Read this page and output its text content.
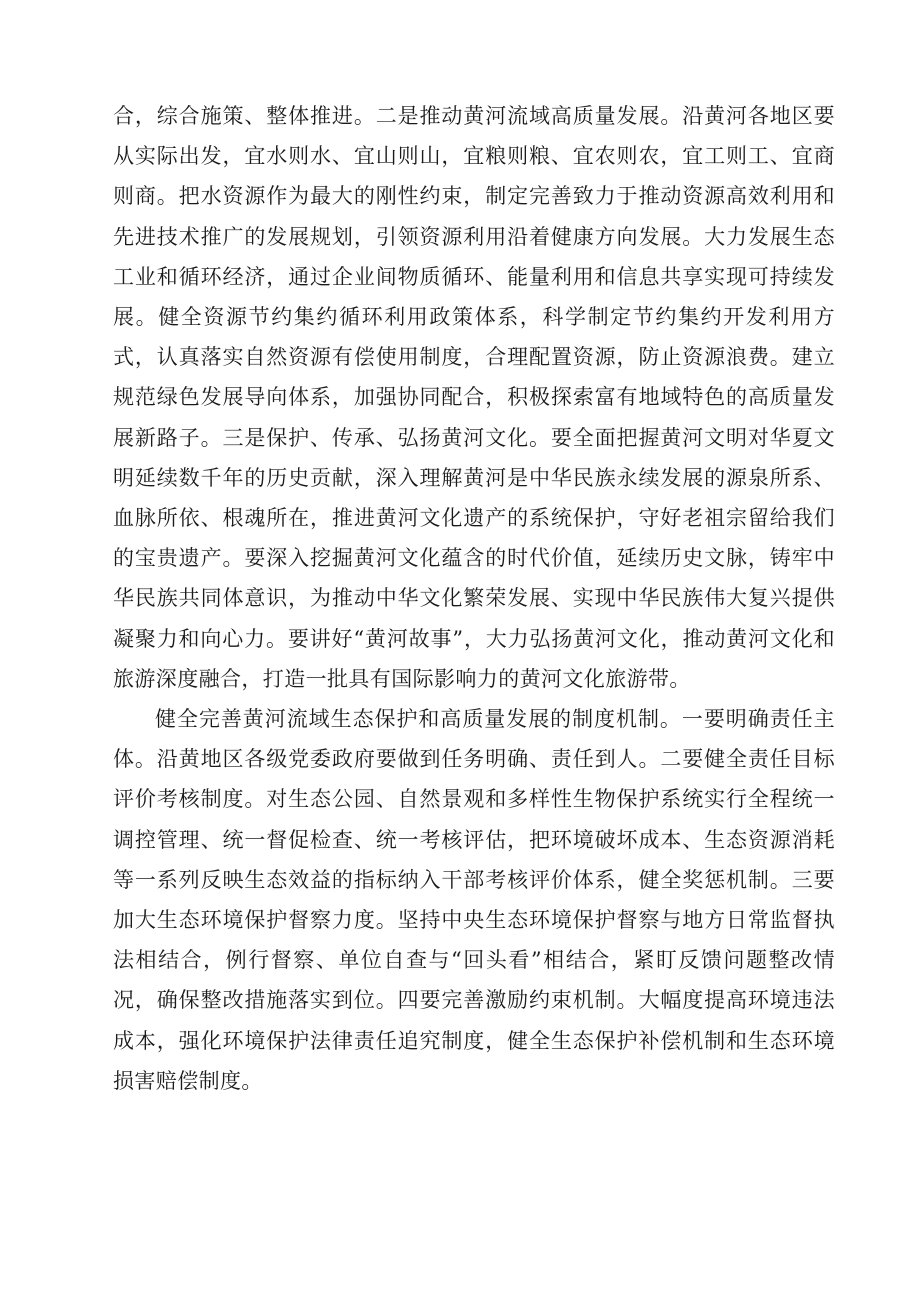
合，综合施策、整体推进。二是推动黄河流域高质量发展。沿黄河各地区要从实际出发，宜水则水、宜山则山，宜粮则粮、宜农则农，宜工则工、宜商则商。把水资源作为最大的刚性约束，制定完善致力于推动资源高效利用和先进技术推广的发展规划，引领资源利用沿着健康方向发展。大力发展生态工业和循环经济，通过企业间物质循环、能量利用和信息共享实现可持续发展。健全资源节约集约循环利用政策体系，科学制定节约集约开发利用方式，认真落实自然资源有偿使用制度，合理配置资源，防止资源浪费。建立规范绿色发展导向体系，加强协同配合，积极探索富有地域特色的高质量发展新路子。三是保护、传承、弘扬黄河文化。要全面把握黄河文明对华夏文明延续数千年的历史贡献，深入理解黄河是中华民族永续发展的源泉所系、血脉所依、根魂所在，推进黄河文化遗产的系统保护，守好老祖宗留给我们的宝贵遗产。要深入挖掘黄河文化蕴含的时代价值，延续历史文脉，铸牢中华民族共同体意识，为推动中华文化繁荣发展、实现中华民族伟大复兴提供凝聚力和向心力。要讲好“黄河故事”，大力弘扬黄河文化，推动黄河文化和旅游深度融合，打造一批具有国际影响力的黄河文化旅游带。

健全完善黄河流域生态保护和高质量发展的制度机制。一要明确责任主体。沿黄地区各级党委政府要做到任务明确、责任到人。二要健全责任目标评价考核制度。对生态公园、自然景观和多样性生物保护系统实行全程统一调控管理、统一督促检查、统一考核评估，把环境破坏成本、生态资源消耗等一系列反映生态效益的指标纳入干部考核评价体系，健全奖惩机制。三要加大生态环境保护督察力度。坚持中央生态环境保护督察与地方日常监督执法相结合，例行督察、单位自查与“回头看”相结合，紧盯反馈问题整改情况，确保整改措施落实到位。四要完善激励约束机制。大幅度提高环境违法成本，强化环境保护法律责任追究制度，健全生态保护补偿机制和生态环境损害赔偿制度。
